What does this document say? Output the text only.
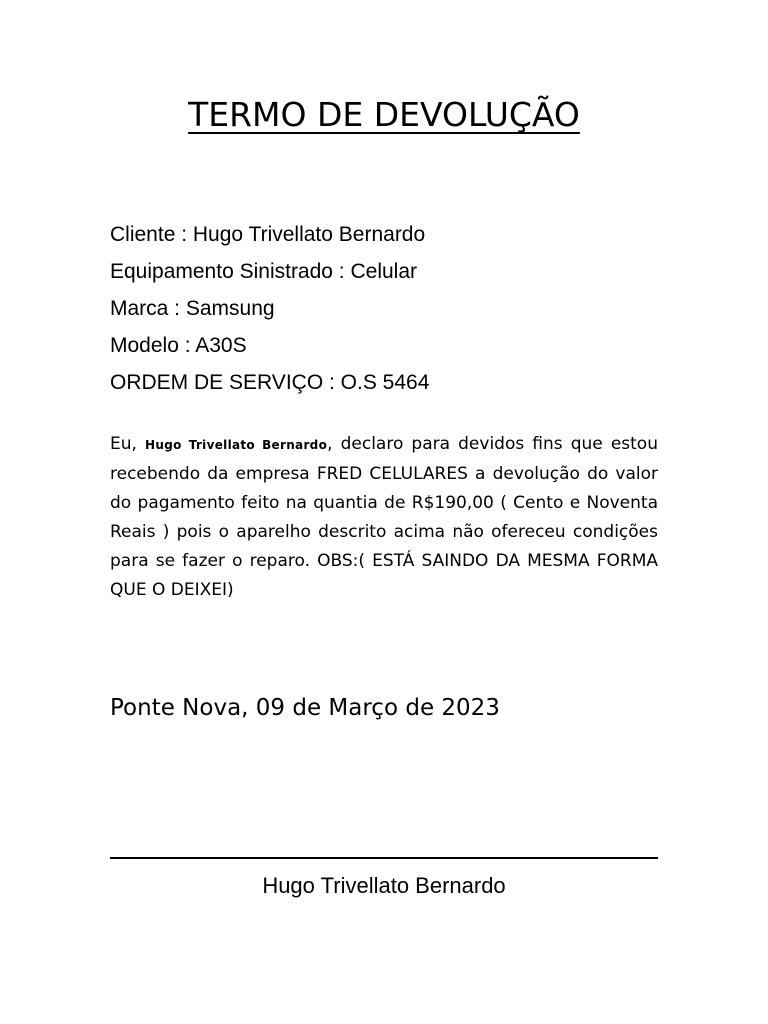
TERMO DE DEVOLUÇÃO
Cliente : Hugo Trivellato Bernardo
Equipamento Sinistrado : Celular
Marca : Samsung
Modelo : A30S
ORDEM DE SERVIÇO : O.S 5464
Eu, Hugo Trivellato Bernardo, declaro para devidos fins que estou recebendo da empresa FRED CELULARES a devolução do valor do pagamento feito na quantia de R$190,00 ( Cento e Noventa Reais ) pois o aparelho descrito acima não ofereceu condições para se fazer o reparo. OBS:( ESTÁ SAINDO DA MESMA FORMA QUE O DEIXEI)
Ponte Nova, 09 de Março de 2023
Hugo Trivellato Bernardo
